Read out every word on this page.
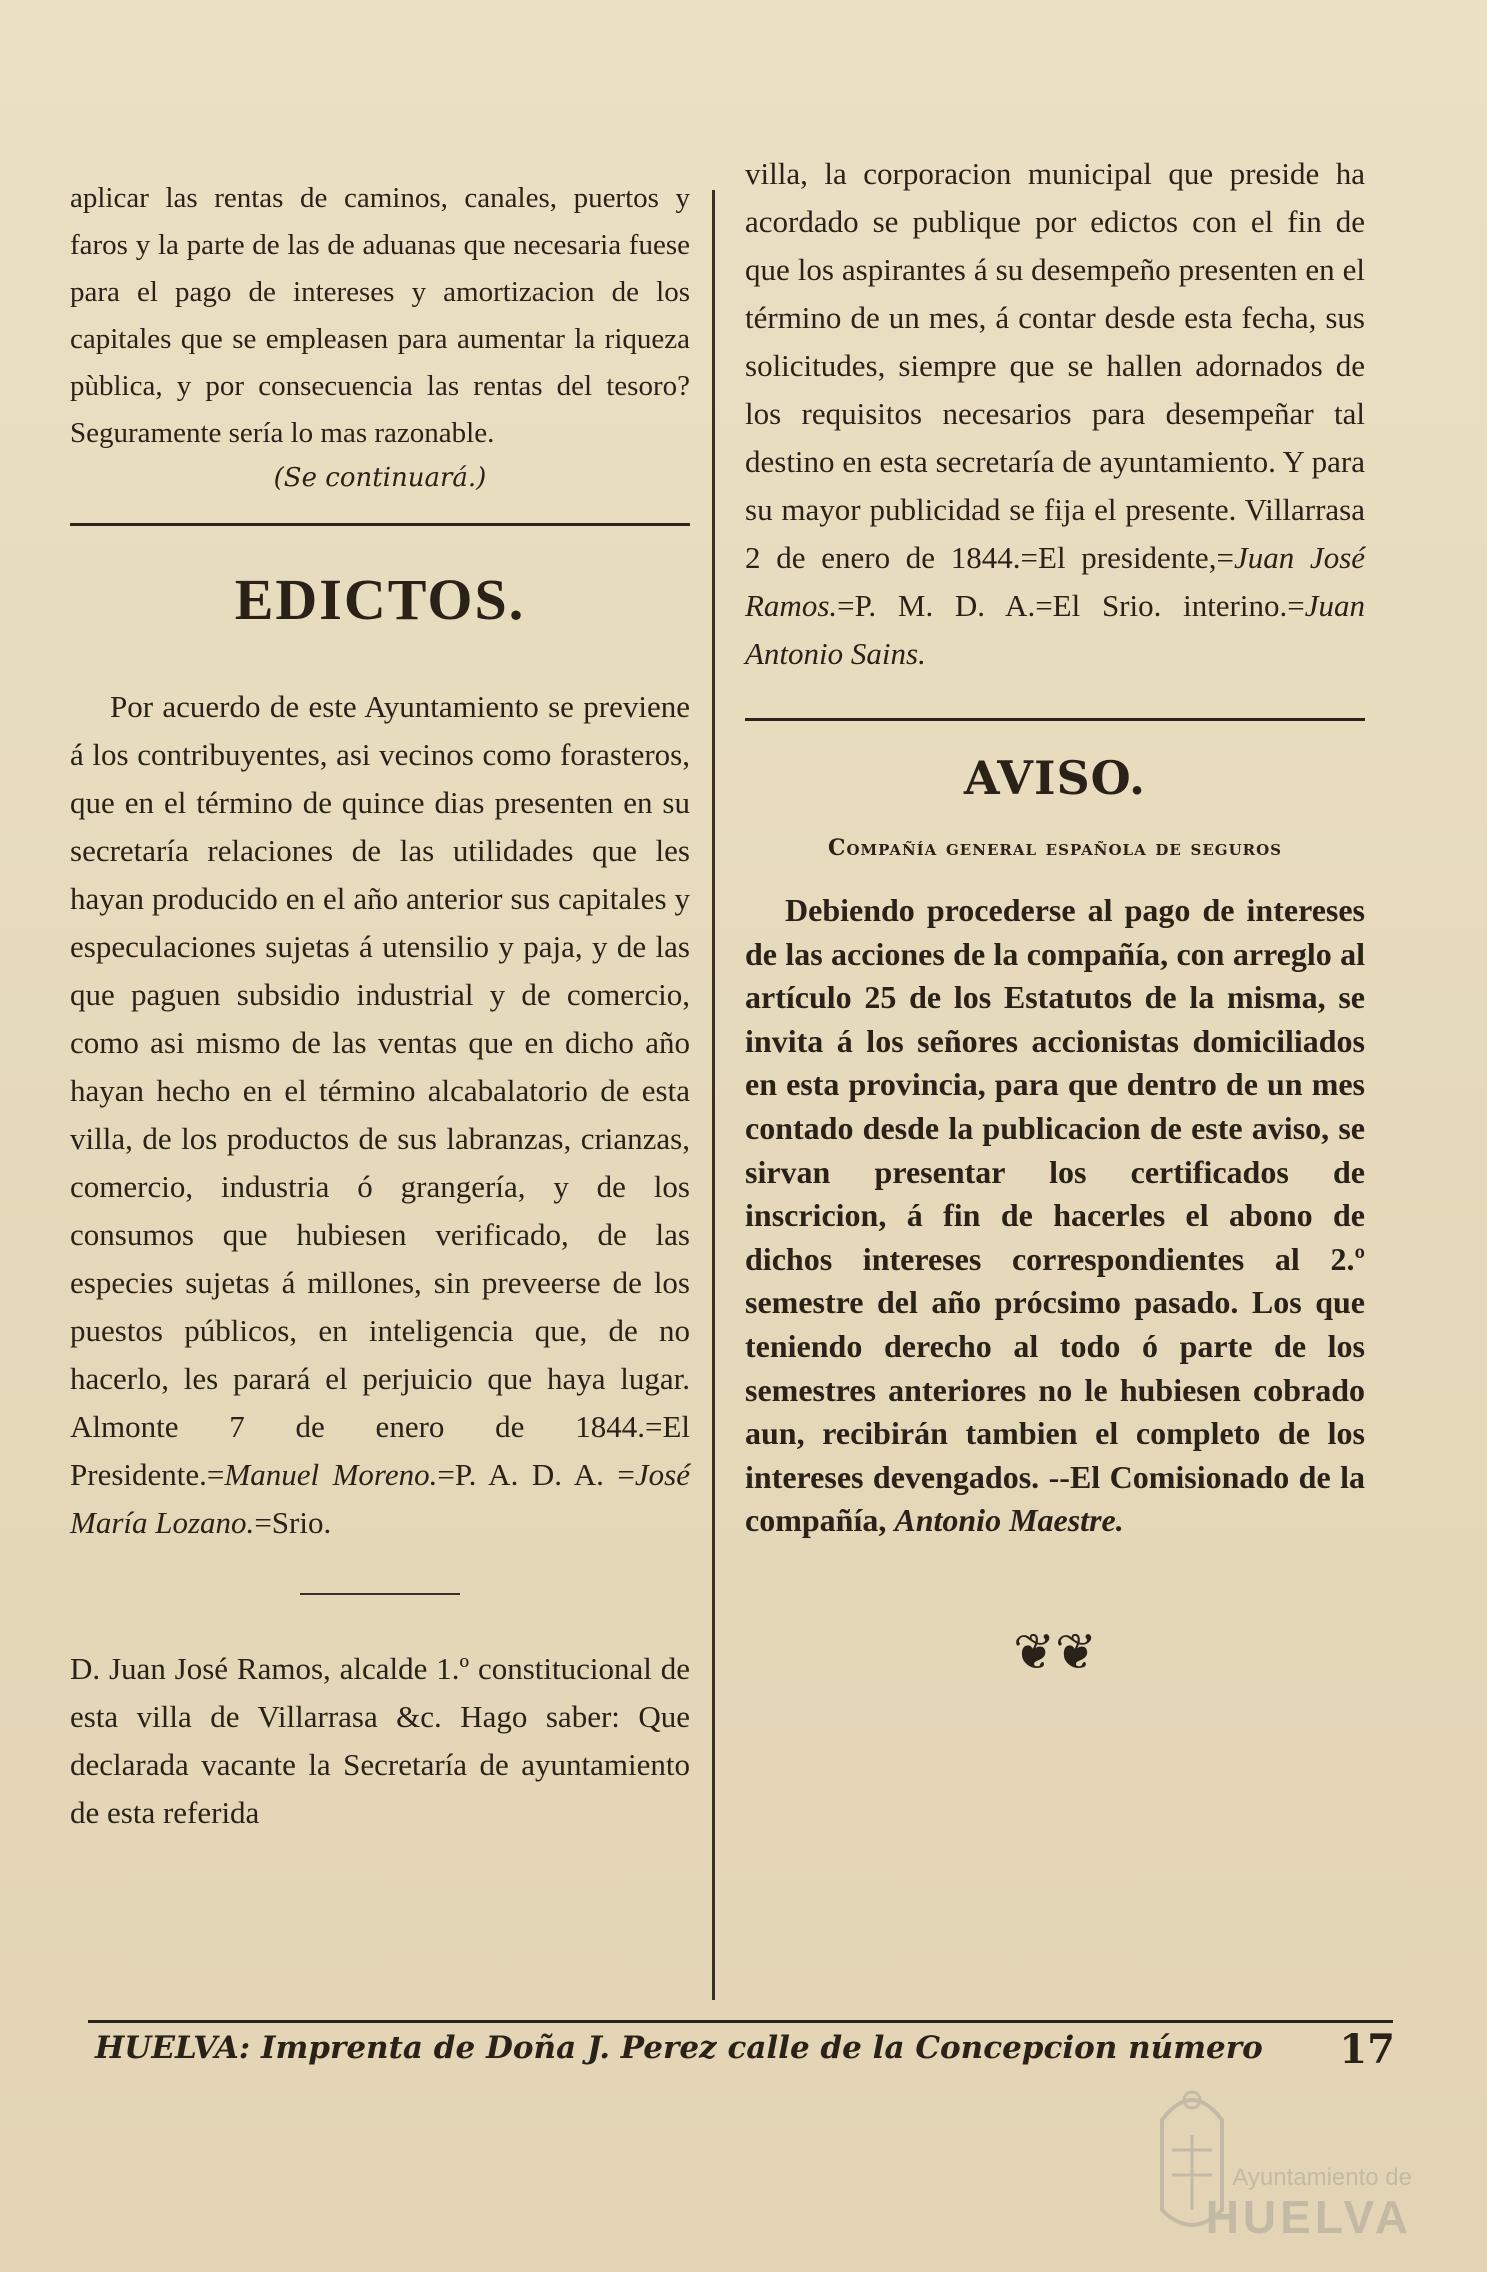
aplicar las rentas de caminos, canales, puertos y faros y la parte de las de aduanas que necesaria fuese para el pago de intereses y amortizacion de los capitales que se empleasen para aumentar la riqueza pùblica, y por consecuencia las rentas del tesoro? Seguramente sería lo mas razonable.

(Se continuará.)
EDICTOS.

Por acuerdo de este Ayuntamiento se previene á los contribuyentes, asi vecinos como forasteros, que en el término de quince dias presenten en su secretaría relaciones de las utilidades que les hayan producido en el año anterior sus capitales y especulaciones sujetas á utensilio y paja, y de las que paguen subsidio industrial y de comercio, como asi mismo de las ventas que en dicho año hayan hecho en el término alcabalatorio de esta villa, de los productos de sus labranzas, crianzas, comercio, industria ó grangería, y de los consumos que hubiesen verificado, de las especies sujetas á millones, sin preveerse de los puestos públicos, en inteligencia que, de no hacerlo, les parará el perjuicio que haya lugar. Almonte 7 de enero de 1844.=El Presidente.=Manuel Moreno.=P. A. D. A. =José María Lozano.=Srio.

D. Juan José Ramos, alcalde 1.º constitucional de esta villa de Villarrasa &c. Hago saber: Que declarada vacante la Secretaría de ayuntamiento de esta referida

villa, la corporacion municipal que preside ha acordado se publique por edictos con el fin de que los aspirantes á su desempeño presenten en el término de un mes, á contar desde esta fecha, sus solicitudes, siempre que se hallen adornados de los requisitos necesarios para desempeñar tal destino en esta secretaría de ayuntamiento. Y para su mayor publicidad se fija el presente. Villarrasa 2 de enero de 1844.=El presidente,=Juan José Ramos.=P. M. D. A.=El Srio. interino.=Juan Antonio Sains.

AVISO.
Compañía general española de seguros

Debiendo procederse al pago de intereses de las acciones de la compañía, con arreglo al artículo 25 de los Estatutos de la misma, se invita á los señores accionistas domiciliados en esta provincia, para que dentro de un mes contado desde la publicacion de este aviso, se sirvan presentar los certificados de inscricion, á fin de hacerles el abono de dichos intereses correspondientes al 2.º semestre del año prócsimo pasado. Los que teniendo derecho al todo ó parte de los semestres anteriores no le hubiesen cobrado aun, recibirán tambien el completo de los intereses devengados. --El Comisionado de la compañía, Antonio Maestre.

❦❦
HUELVA: Imprenta de Doña J. Perez calle de la Concepcion número 17
Ayuntamiento de
HUELVA
